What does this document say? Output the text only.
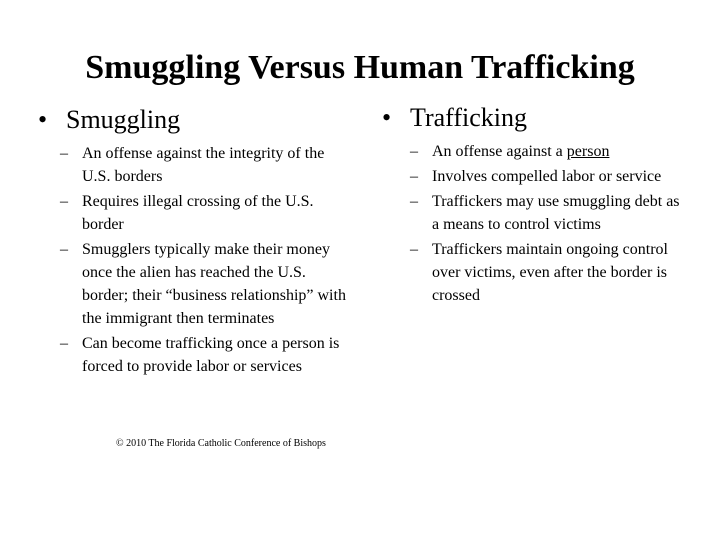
Smuggling Versus Human Trafficking
• Smuggling
– An offense against the integrity of the U.S. borders
– Requires illegal crossing of the U.S. border
– Smugglers typically make their money once the alien has reached the U.S. border; their “business relationship” with the immigrant then terminates
– Can become trafficking once a person is forced to provide labor or services
• Trafficking
– An offense against a person
– Involves compelled labor or service
– Traffickers may use smuggling debt as a means to control victims
– Traffickers maintain ongoing control over victims, even after the border is crossed
© 2010 The Florida Catholic Conference of Bishops
